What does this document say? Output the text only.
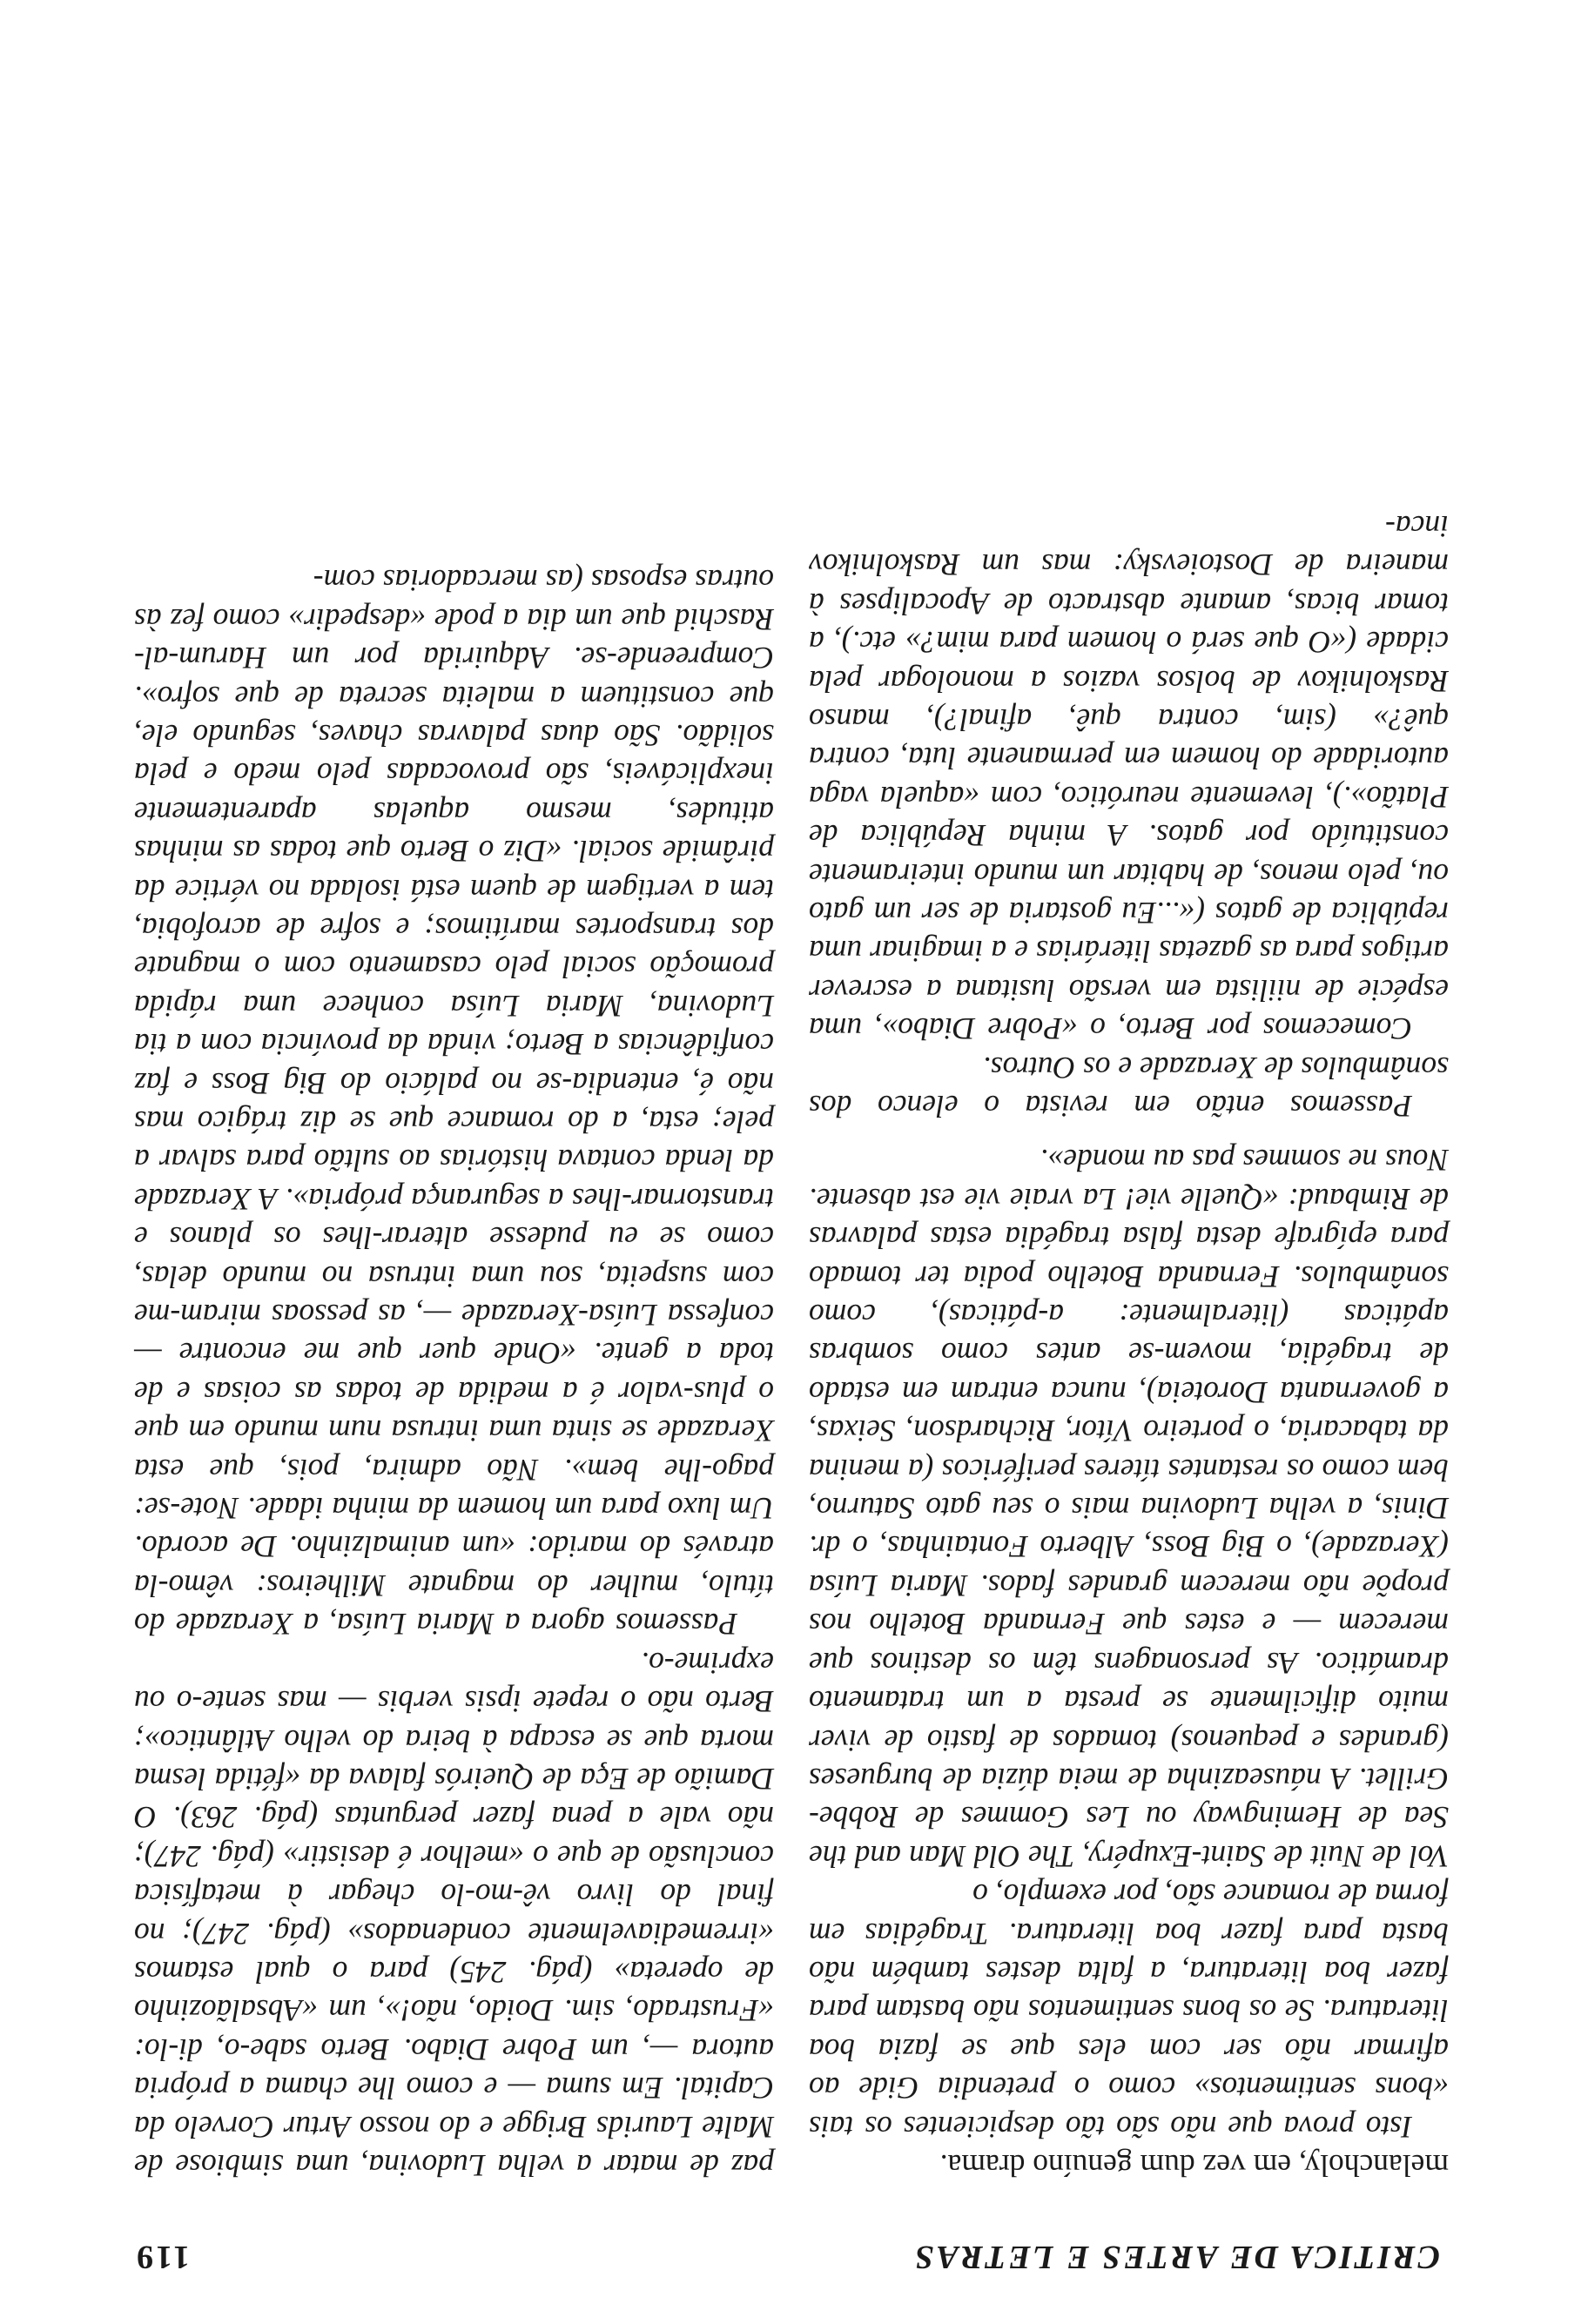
CRITICA DE ARTES E LETRAS
119

melancholy, em vez dum genuíno drama.

Isto prova que não são tão despicientes os tais «bons sentimentos» como o pretendia Gide ao afirmar não ser com eles que se fazia boa literatura. Se os bons sentimentos não bastam para fazer boa literatura, a falta destes também não basta para fazer boa literatura. Tragédias em forma de romance são, por exemplo, o

Vol de Nuit de Saint-Exupéry, The Old Man and the Sea de Hemingway ou Les Gommes de Robbe-Grillet. A náuseazinha de meia dúzia de burgueses (grandes e pequenos) tomados de fastio de viver muito dificilmente se presta a um tratamento dramático. As personagens têm os destinos que merecem — e estes que Fernanda Botelho nos propõe não merecem grandes fados. Maria Luísa (Xerazade), o Big Boss, Alberto Fontainhas, o dr. Dinis, a velha Ludovina mais o seu gato Saturno, bem como os restantes títeres periféricos (a menina da tabacaria, o porteiro Vítor, Richardson, Seixas, a governanta Doroteia), nunca entram em estado de tragédia, movem-se antes como sombras apáticas (literalmente: a-páticas), como sonâmbulos. Fernanda Botelho podia ter tomado para epígrafe desta falsa tragédia estas palavras de Rimbaud: «Quelle vie! La vraie vie est absente. Nous ne sommes pas au monde».

Passemos então em revista o elenco dos sonâmbulos de Xerazade e os Outros.

Comecemos por Berto, o «Pobre Diabo», uma espécie de niilista em versão lusitana a escrever artigos para as gazetas literárias e a imaginar uma república de gatos («...Eu gostaria de ser um gato ou, pelo menos, de habitar um mundo inteiramente constituído por gatos. A minha República de Platão».), levemente neurótico, com «aquela vaga autoridade do homem em permanente luta, contra quê?» (sim, contra quê, afinal?), manso Raskolnikov de bolsos vazios a monologar pela cidade («O que será o homem para mim?» etc.), a tomar bicas, amante abstracto de Apocalipses à maneira de Dostoievsky: mas um Raskolnikov inca-

paz de matar a velha Ludovina, uma simbiose de Malte Laurids Brigge e do nosso Artur Corvelo da Capital. Em suma — e como lhe chama a própria autora —, um Pobre Diabo. Berto sabe-o, di-lo: «Frustrado, sim. Doido, não!», um «Absalãozinho de opereta» (pág. 245) para o qual estamos «irremediavelmente condenados» (pág. 247); no final do livro vê-mo-lo chegar à metafísica conclusão de que o «melhor é desistir» (pág. 247); não vale a pena fazer perguntas (pág. 263). O Damião de Eça de Queirós falava da «fétida lesma morta que se escapa à beira do velho Atlântico»; Berto não o repete ipsis verbis — mas sente-o ou exprime-o.

Passemos agora a Maria Luísa, a Xerazade do título, mulher do magnate Milheiros: vêmo-la através do marido: «um animalzinho. De acordo. Um luxo para um homem da minha idade. Note-se: pago-lhe bem». Não admira, pois, que esta Xerazade se sinta uma intrusa num mundo em que o plus-valor é a medida de todas as coisas e de toda a gente. «Onde quer que me encontre — confessa Luísa-Xerazade —, as pessoas miram-me com suspeita, sou uma intrusa no mundo delas, como se eu pudesse alterar-lhes os planos e transtornar-lhes a segurança própria». A Xerazade da lenda contava histórias ao sultão para salvar a pele; esta, a do romance que se diz trágico mas não é, entendia-se no palácio do Big Boss e faz confidências a Berto; vinda da província com a tia Ludovina, Maria Luísa conhece uma rápida promoção social pelo casamento com o magnate dos transportes marítimos; e sofre de acrofobia, tem a vertigem de quem está isolada no vértice da pirâmide social. «Diz o Berto que todas as minhas atitudes, mesmo aquelas aparentemente inexplicáveis, são provocadas pelo medo e pela solidão. São duas palavras chaves, segundo ele, que constituem a maleita secreta de que sofro». Compreende-se. Adquirida por um Harum-al-Raschid que um dia a pode «despedir» como fez às outras esposas (as mercadorias com-
